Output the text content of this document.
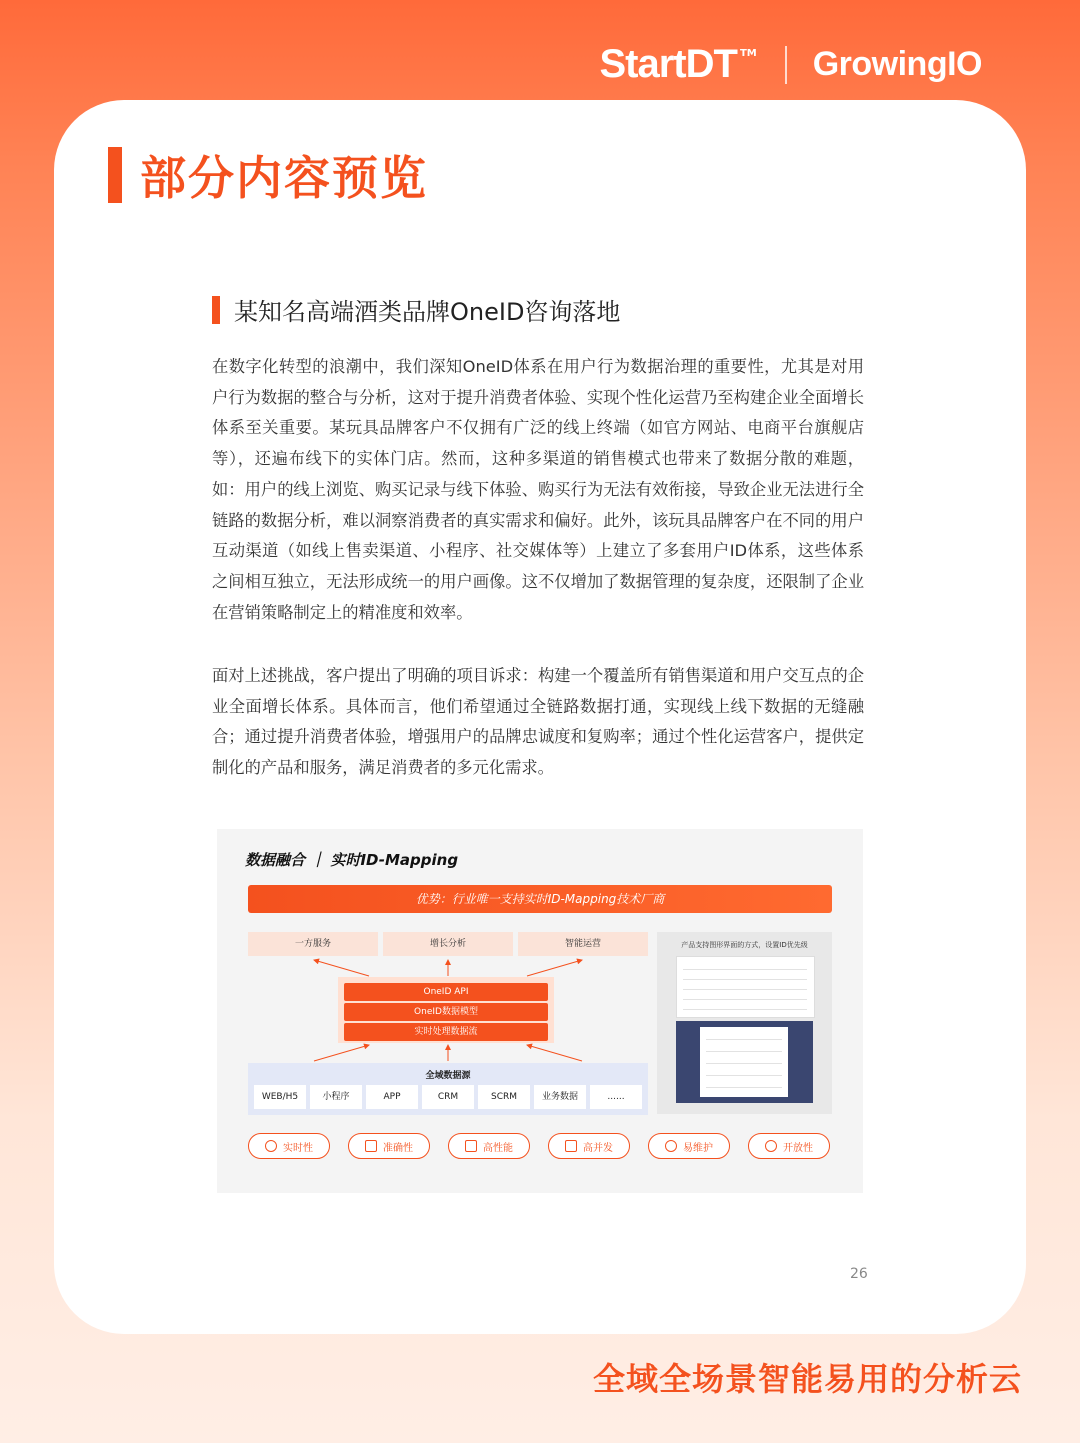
StartDT TM GrowingIO
部分内容预览
某知名高端酒类品牌OneID咨询落地

在数字化转型的浪潮中，我们深知OneID体系在用户行为数据治理的重要性，尤其是对用户行为数据的整合与分析，这对于提升消费者体验、实现个性化运营乃至构建企业全面增长体系至关重要。某玩具品牌客户不仅拥有广泛的线上终端（如官方网站、电商平台旗舰店等），还遍布线下的实体门店。然而，这种多渠道的销售模式也带来了数据分散的难题，如：用户的线上浏览、购买记录与线下体验、购买行为无法有效衔接，导致企业无法进行全链路的数据分析，难以洞察消费者的真实需求和偏好。此外，该玩具品牌客户在不同的用户互动渠道（如线上售卖渠道、小程序、社交媒体等）上建立了多套用户ID体系，这些体系之间相互独立，无法形成统一的用户画像。这不仅增加了数据管理的复杂度，还限制了企业在营销策略制定上的精准度和效率。

面对上述挑战，客户提出了明确的项目诉求：构建一个覆盖所有销售渠道和用户交互点的企业全面增长体系。具体而言，他们希望通过全链路数据打通，实现线上线下数据的无缝融合；通过提升消费者体验，增强用户的品牌忠诚度和复购率；通过个性化运营客户，提供定制化的产品和服务，满足消费者的多元化需求。

数据融合 ｜ 实时ID-Mapping
优势：行业唯一支持实时ID-Mapping技术厂商
一方服务	增长分析	智能运营
OneID API
OneID数据模型
实时处理数据流
全域数据源
WEB/H5	小程序	APP	CRM	SCRM	业务数据	......
产品支持图形界面的方式，设置ID优先级
实时性	准确性	高性能	高并发	易维护	开放性
26
全域全场景智能易用的分析云
